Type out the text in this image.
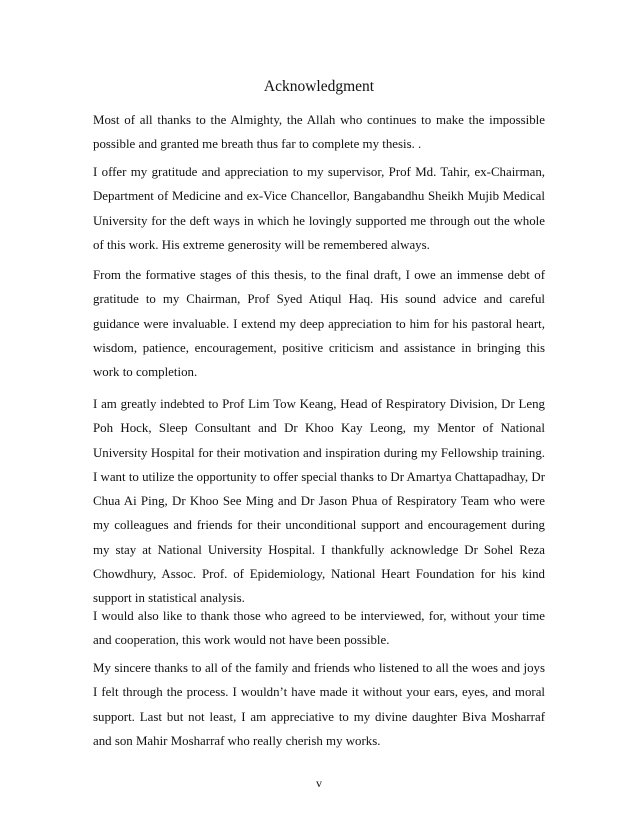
Acknowledgment

Most of all thanks to the Almighty, the Allah who continues to make the impossible possible and granted me breath thus far to complete my thesis. .

I offer my gratitude and appreciation to my supervisor, Prof Md. Tahir, ex-Chairman, Department of Medicine and ex-Vice Chancellor, Bangabandhu Sheikh Mujib Medical University for the deft ways in which he lovingly supported me through out the whole of this work. His extreme generosity will be remembered always.

From the formative stages of this thesis, to the final draft, I owe an immense debt of gratitude to my Chairman, Prof Syed Atiqul Haq. His sound advice and careful guidance were invaluable. I extend my deep appreciation to him for his pastoral heart, wisdom, patience, encouragement, positive criticism and assistance in bringing this work to completion.

I am greatly indebted to Prof Lim Tow Keang, Head of Respiratory Division, Dr Leng Poh Hock, Sleep Consultant and Dr Khoo Kay Leong, my Mentor of National University Hospital for their motivation and inspiration during my Fellowship training. I want to utilize the opportunity to offer special thanks to Dr Amartya Chattapadhay, Dr Chua Ai Ping, Dr Khoo See Ming and Dr Jason Phua of Respiratory Team who were my colleagues and friends for their unconditional support and encouragement during my stay at National University Hospital. I thankfully acknowledge Dr Sohel Reza Chowdhury, Assoc. Prof. of Epidemiology, National Heart Foundation for his kind support in statistical analysis.

I would also like to thank those who agreed to be interviewed, for, without your time and cooperation, this work would not have been possible.

My sincere thanks to all of the family and friends who listened to all the woes and joys I felt through the process. I wouldn’t have made it without your ears, eyes, and moral support. Last but not least, I am appreciative to my divine daughter Biva Mosharraf and son Mahir Mosharraf who really cherish my works.

v
